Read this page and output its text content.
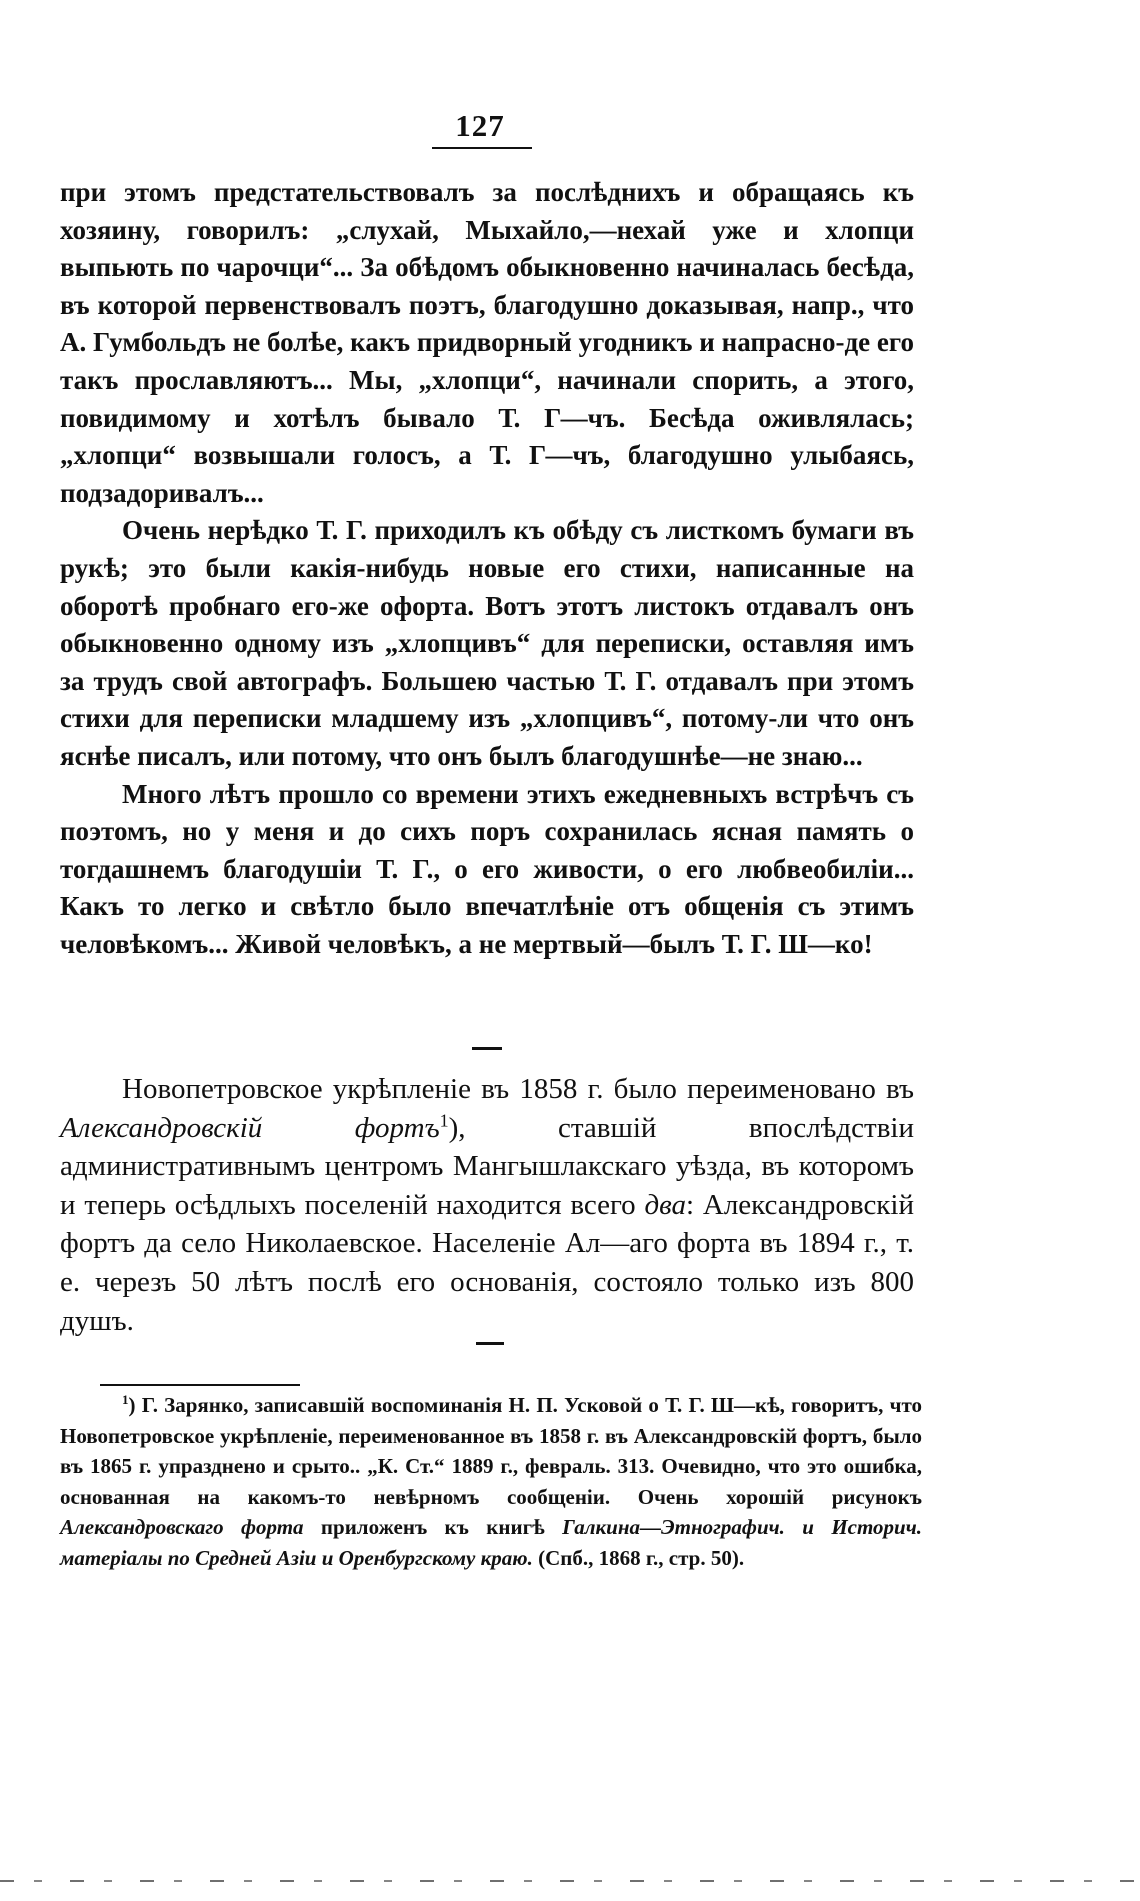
127

при этомъ предстательствовалъ за послѣднихъ и обращаясь къ хозяину, говорилъ: „слухай, Мыхайло,—нехай уже и хлопци выпьють по чарочци“... За обѣдомъ обыкновенно начиналась бесѣда, въ которой первенствовалъ поэтъ, благодушно доказывая, напр., что А. Гумбольдъ не болѣе, какъ придворный угодникъ и напрасно-де его такъ прославляютъ... Мы, „хлопци“, начинали спорить, а этого, повидимому и хотѣлъ бывало Т. Г—чъ. Бесѣда оживлялась; „хлопци“ возвышали голосъ, а Т. Г—чъ, благодушно улыбаясь, подзадоривалъ...

Очень нерѣдко Т. Г. приходилъ къ обѣду съ листкомъ бумаги въ рукѣ; это были какія-нибудь новые его стихи, написанные на оборотѣ пробнаго его-же офорта. Вотъ этотъ листокъ отдавалъ онъ обыкновенно одному изъ „хлопцивъ“ для переписки, оставляя имъ за трудъ свой автографъ. Большею частью Т. Г. отдавалъ при этомъ стихи для переписки младшему изъ „хлопцивъ“, потому-ли что онъ яснѣе писалъ, или потому, что онъ былъ благодушнѣе—не знаю...

Много лѣтъ прошло со времени этихъ ежедневныхъ встрѣчъ съ поэтомъ, но у меня и до сихъ поръ сохранилась ясная память о тогдашнемъ благодушіи Т. Г., о его живости, о его любвеобиліи... Какъ то легко и свѣтло было впечатлѣніе отъ общенія съ этимъ человѣкомъ... Живой человѣкъ, а не мертвый—былъ Т. Г. Ш—ко!

Новопетровское укрѣпленіе въ 1858 г. было переименовано въ Александровскій фортъ$^1$), ставшій впослѣдствіи административнымъ центромъ Мангышлакскаго уѣзда, въ которомъ и теперь осѣдлыхъ поселеній находится всего два: Александровскій фортъ да село Николаевское. Населеніе Ал—аго форта въ 1894 г., т. е. черезъ 50 лѣтъ послѣ его основанія, состояло только изъ 800 душъ.

$^1$) Г. Зарянко, записавшій воспоминанія Н. П. Усковой о Т. Г. Ш—кѣ, говоритъ, что Новопетровское укрѣпленіе, переименованное въ 1858 г. въ Александровскій фортъ, было въ 1865 г. упразднено и срыто.. „К. Ст.“ 1889 г., февраль. 313. Очевидно, что это ошибка, основанная на какомъ-то невѣрномъ сообщеніи. Очень хорошій рисунокъ Александровскаго форта приложенъ къ книгѣ Галкина—Этнографич. и Историч. матеріалы по Средней Азіи и Оренбургскому краю. (Спб., 1868 г., стр. 50).
